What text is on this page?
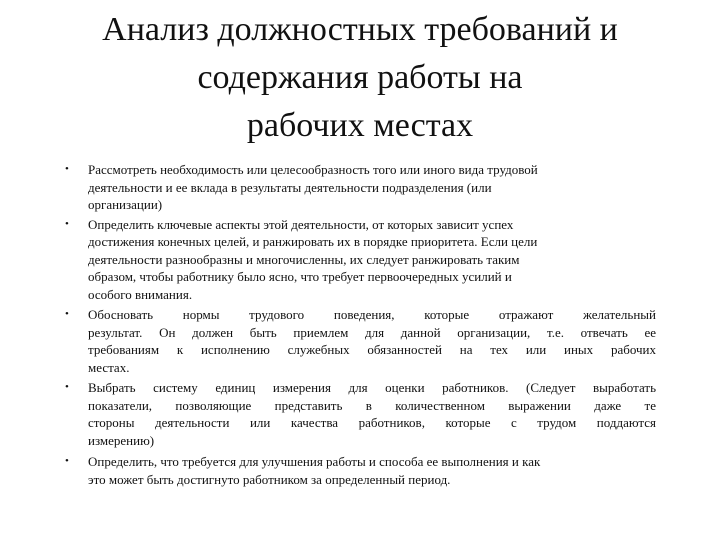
Анализ должностных требований и
содержания работы на
рабочих местах
• Рассмотреть необходимость или целесообразность того или иного вида трудовой
деятельности и ее вклада в результаты деятельности подразделения (или
организации)
• Определить ключевые аспекты этой деятельности, от которых зависит успех
достижения конечных целей, и ранжировать их в порядке приоритета. Если цели
деятельности разнообразны и многочисленны, их следует ранжировать таким
образом, чтобы работнику было ясно, что требует первоочередных усилий и
особого внимания.
• Обосновать нормы трудового поведения, которые отражают желательный
результат. Он должен быть приемлем для данной организации, т.е. отвечать ее
требованиям к исполнению служебных обязанностей на тех или иных рабочих
местах.
• Выбрать систему единиц измерения для оценки работников. (Следует выработать
показатели, позволяющие представить в количественном выражении даже те
стороны деятельности или качества работников, которые с трудом поддаются
измерению)
• Определить, что требуется для улучшения работы и способа ее выполнения и как
это может быть достигнуто работником за определенный период.
